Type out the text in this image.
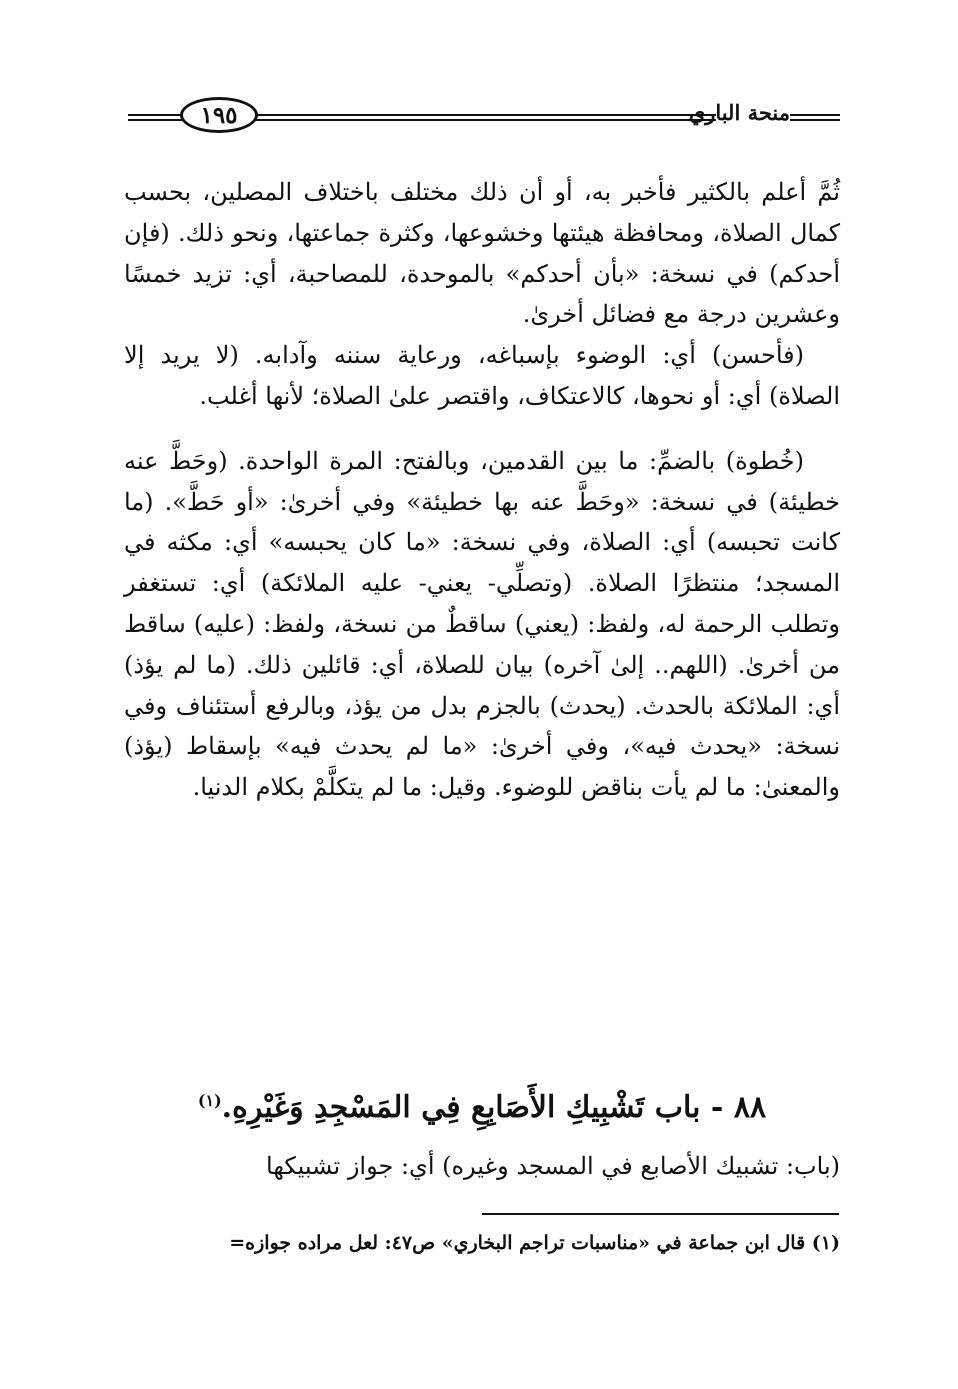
١٩٥	منحة الباري

ثُمَّ أعلم بالكثير فأخبر به، أو أن ذلك مختلف باختلاف المصلين، بحسب كمال الصلاة، ومحافظة هيئتها وخشوعها، وكثرة جماعتها، ونحو ذلك. (فإن أحدكم) في نسخة: «بأن أحدكم» بالموحدة، للمصاحبة، أي: تزيد خمسًا وعشرين درجة مع فضائل أخرىٰ.

(فأحسن) أي: الوضوء بإسباغه، ورعاية سننه وآدابه. (لا يريد إلا الصلاة) أي: أو نحوها، كالاعتكاف، واقتصر علىٰ الصلاة؛ لأنها أغلب.

(خُطوة) بالضمِّ: ما بين القدمين، وبالفتح: المرة الواحدة. (وحَطَّ عنه خطيئة) في نسخة: «وحَطَّ عنه بها خطيئة» وفي أخرىٰ: «أو حَطَّ». (ما كانت تحبسه) أي: الصلاة، وفي نسخة: «ما كان يحبسه» أي: مكثه في المسجد؛ منتظرًا الصلاة. (وتصلِّي- يعني- عليه الملائكة) أي: تستغفر وتطلب الرحمة له، ولفظ: (يعني) ساقطٌ من نسخة، ولفظ: (عليه) ساقط من أخرىٰ. (اللهم.. إلىٰ آخره) بيان للصلاة، أي: قائلين ذلك. (ما لم يؤذ) أي: الملائكة بالحدث. (يحدث) بالجزم بدل من يؤذ، وبالرفع أستئناف وفي نسخة: «يحدث فيه»، وفي أخرىٰ: «ما لم يحدث فيه» بإسقاط (يؤذ) والمعنىٰ: ما لم يأت بناقض للوضوء. وقيل: ما لم يتكلَّمْ بكلام الدنيا.

٨٨ - باب تَشْبِيكِ الأَصَابِعِ فِي المَسْجِدِ وَغَيْرِهِ.$^{(١)}$
(باب: تشبيك الأصابع في المسجد وغيره) أي: جواز تشبيكها
(١) قال ابن جماعة في «مناسبات تراجم البخاري» ص٤٧: لعل مراده جوازه=
